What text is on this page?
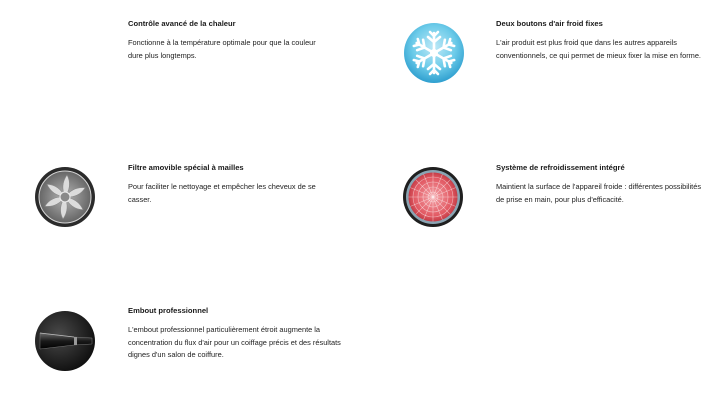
Contrôle avancé de la chaleur
Fonctionne à la température optimale pour que la couleur dure plus longtemps.
Deux boutons d'air froid fixes
L'air produit est plus froid que dans les autres appareils conventionnels, ce qui permet de mieux fixer la mise en forme.
Filtre amovible spécial à mailles
Pour faciliter le nettoyage et empêcher les cheveux de se casser.
Système de refroidissement intégré
Maintient la surface de l'appareil froide : différentes possibilités de prise en main, pour plus d'efficacité.
Embout professionnel
L'embout professionnel particulièrement étroit augmente la concentration du flux d'air pour un coiffage précis et des résultats dignes d'un salon de coiffure.
